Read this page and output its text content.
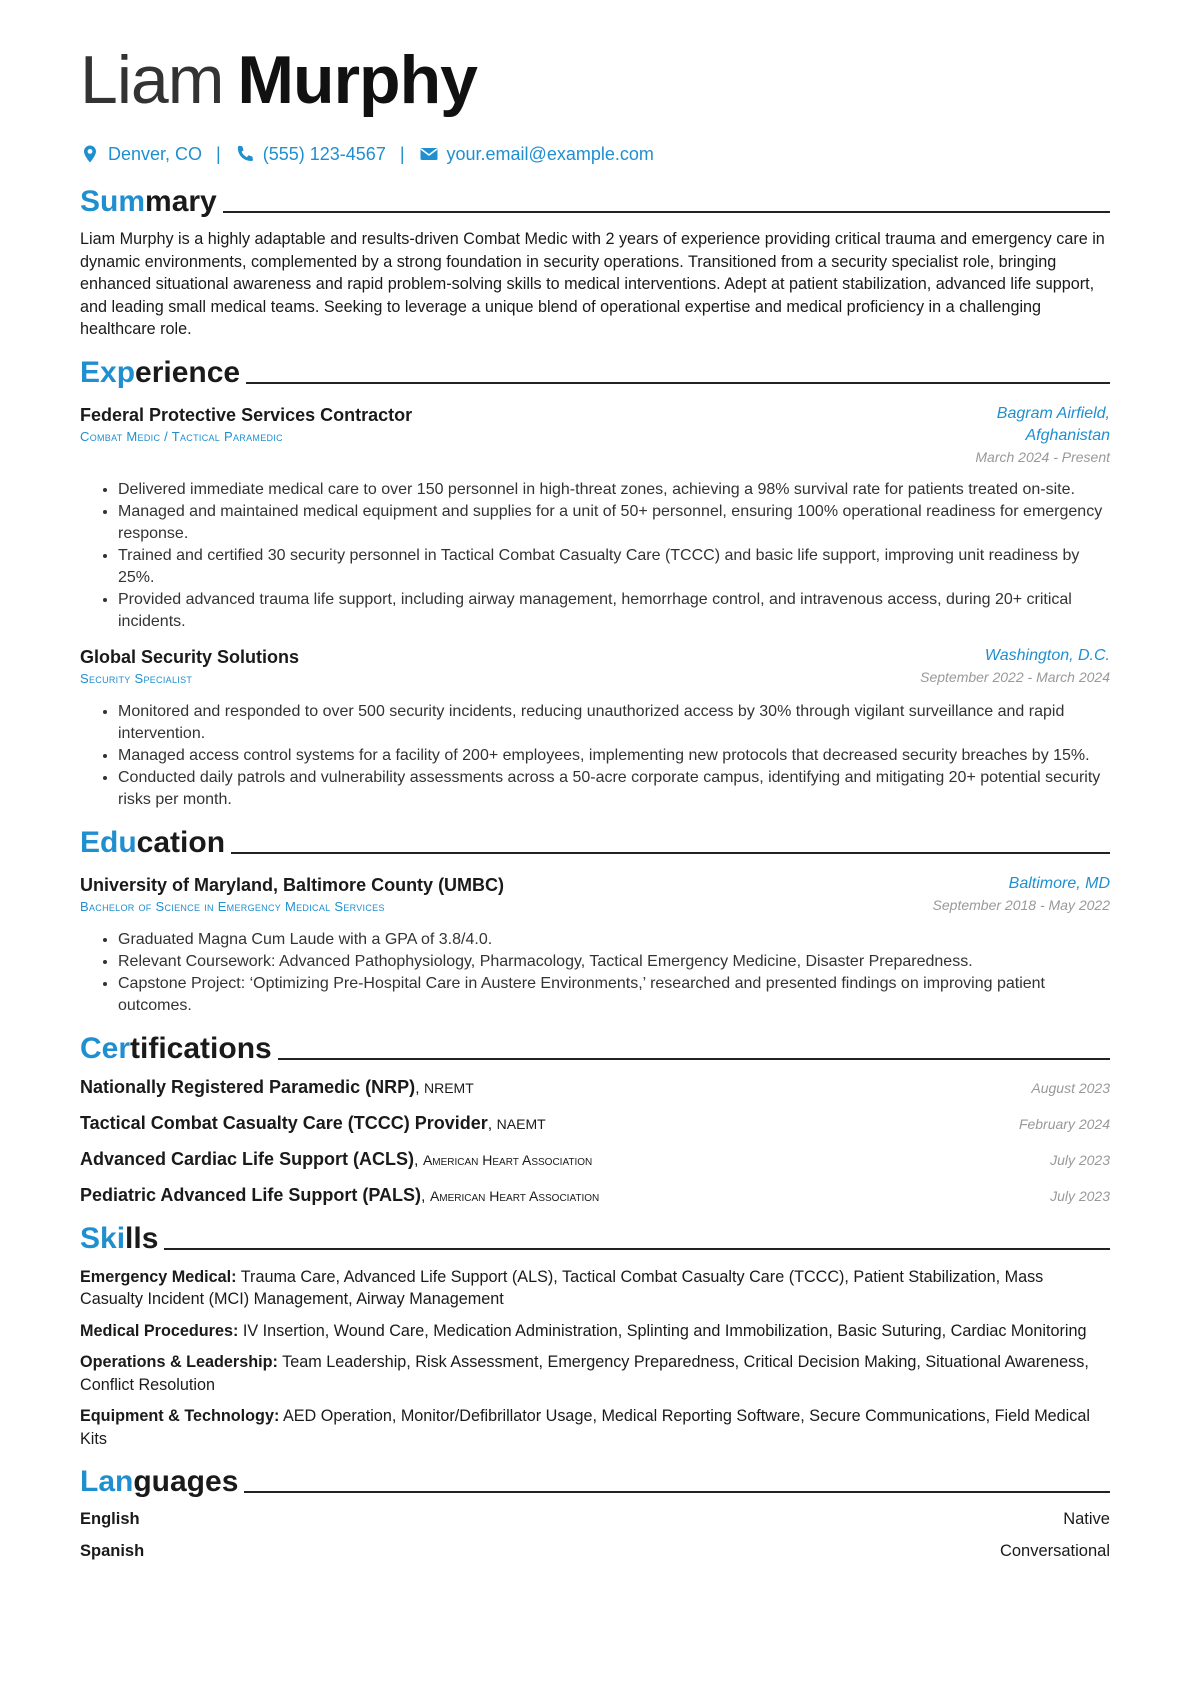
Liam Murphy
Denver, CO | (555) 123-4567 | your.email@example.com
Summary
Liam Murphy is a highly adaptable and results-driven Combat Medic with 2 years of experience providing critical trauma and emergency care in dynamic environments, complemented by a strong foundation in security operations. Transitioned from a security specialist role, bringing enhanced situational awareness and rapid problem-solving skills to medical interventions. Adept at patient stabilization, advanced life support, and leading small medical teams. Seeking to leverage a unique blend of operational expertise and medical proficiency in a challenging healthcare role.
Experience
Federal Protective Services Contractor
Combat Medic / Tactical Paramedic
Bagram Airfield,
Afghanistan
March 2024 - Present
• Delivered immediate medical care to over 150 personnel in high-threat zones, achieving a 98% survival rate for patients treated on-site.
• Managed and maintained medical equipment and supplies for a unit of 50+ personnel, ensuring 100% operational readiness for emergency response.
• Trained and certified 30 security personnel in Tactical Combat Casualty Care (TCCC) and basic life support, improving unit readiness by 25%.
• Provided advanced trauma life support, including airway management, hemorrhage control, and intravenous access, during 20+ critical incidents.
Global Security Solutions
Security Specialist
Washington, D.C.
September 2022 - March 2024
• Monitored and responded to over 500 security incidents, reducing unauthorized access by 30% through vigilant surveillance and rapid intervention.
• Managed access control systems for a facility of 200+ employees, implementing new protocols that decreased security breaches by 15%.
• Conducted daily patrols and vulnerability assessments across a 50-acre corporate campus, identifying and mitigating 20+ potential security risks per month.
Education
University of Maryland, Baltimore County (UMBC)
Bachelor of Science in Emergency Medical Services
Baltimore, MD
September 2018 - May 2022
• Graduated Magna Cum Laude with a GPA of 3.8/4.0.
• Relevant Coursework: Advanced Pathophysiology, Pharmacology, Tactical Emergency Medicine, Disaster Preparedness.
• Capstone Project: ‘Optimizing Pre-Hospital Care in Austere Environments,’ researched and presented findings on improving patient outcomes.
Certifications
Nationally Registered Paramedic (NRP), NREMT	August 2023
Tactical Combat Casualty Care (TCCC) Provider, NAEMT	February 2024
Advanced Cardiac Life Support (ACLS), American Heart Association	July 2023
Pediatric Advanced Life Support (PALS), American Heart Association	July 2023
Skills
Emergency Medical: Trauma Care, Advanced Life Support (ALS), Tactical Combat Casualty Care (TCCC), Patient Stabilization, Mass Casualty Incident (MCI) Management, Airway Management
Medical Procedures: IV Insertion, Wound Care, Medication Administration, Splinting and Immobilization, Basic Suturing, Cardiac Monitoring
Operations & Leadership: Team Leadership, Risk Assessment, Emergency Preparedness, Critical Decision Making, Situational Awareness, Conflict Resolution
Equipment & Technology: AED Operation, Monitor/Defibrillator Usage, Medical Reporting Software, Secure Communications, Field Medical Kits
Languages
English	Native
Spanish	Conversational
